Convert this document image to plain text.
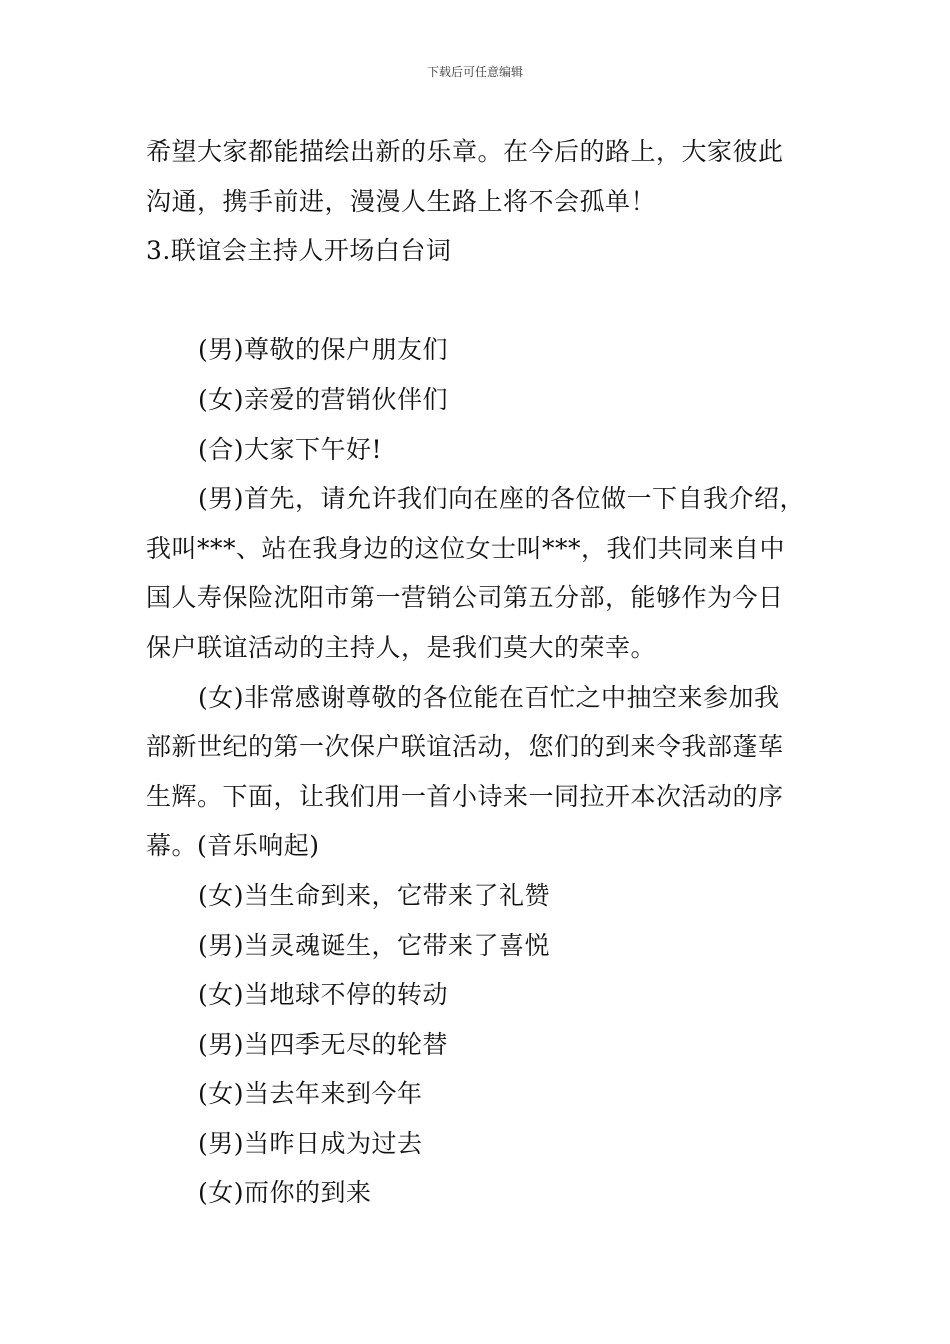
下载后可任意编辑
希望大家都能描绘出新的乐章。在今后的路上，大家彼此
沟通，携手前进，漫漫人生路上将不会孤单！
3.联谊会主持人开场白台词
(男)尊敬的保户朋友们
(女)亲爱的营销伙伴们
(合)大家下午好!
(男)首先，请允许我们向在座的各位做一下自我介绍，
我叫***、站在我身边的这位女士叫***，我们共同来自中
国人寿保险沈阳市第一营销公司第五分部，能够作为今日
保户联谊活动的主持人，是我们莫大的荣幸。
(女)非常感谢尊敬的各位能在百忙之中抽空来参加我
部新世纪的第一次保户联谊活动，您们的到来令我部蓬荜
生辉。下面，让我们用一首小诗来一同拉开本次活动的序
幕。(音乐响起)
(女)当生命到来，它带来了礼赞
(男)当灵魂诞生，它带来了喜悦
(女)当地球不停的转动
(男)当四季无尽的轮替
(女)当去年来到今年
(男)当昨日成为过去
(女)而你的到来
